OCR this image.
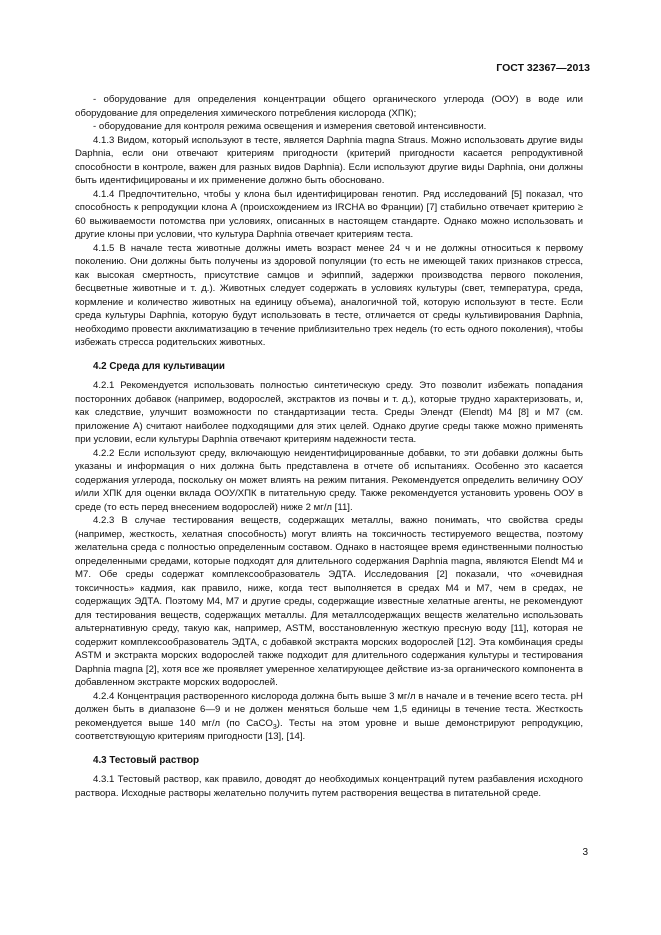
ГОСТ 32367—2013

- оборудование для определения концентрации общего органического углерода (ООУ) в воде или оборудование для определения химического потребления кислорода (ХПК);

- оборудование для контроля режима освещения и измерения световой интенсивности.

4.1.3 Видом, который используют в тесте, является Daphnia magna Straus. Можно использовать другие виды Daphnia, если они отвечают критериям пригодности (критерий пригодности касается репродуктивной способности в контроле, важен для разных видов Daphnia). Если используют другие виды Daphnia, они должны быть идентифицированы и их применение должно быть обосновано.

4.1.4 Предпочтительно, чтобы у клона был идентифицирован генотип. Ряд исследований [5] показал, что способность к репродукции клона А (происхождением из IRCHA во Франции) [7] стабильно отвечает критерию ≥ 60 выживаемости потомства при условиях, описанных в настоящем стандарте. Однако можно использовать и другие клоны при условии, что культура Daphnia отвечает критериям теста.

4.1.5 В начале теста животные должны иметь возраст менее 24 ч и не должны относиться к первому поколению. Они должны быть получены из здоровой популяции (то есть не имеющей таких признаков стресса, как высокая смертность, присутствие самцов и эфиппий, задержки производства первого поколения, бесцветные животные и т. д.). Животных следует содержать в условиях культуры (свет, температура, среда, кормление и количество животных на единицу объема), аналогичной той, которую используют в тесте. Если среда культуры Daphnia, которую будут использовать в тесте, отличается от среды культивирования Daphnia, необходимо провести акклиматизацию в течение приблизительно трех недель (то есть одного поколения), чтобы избежать стресса родительских животных.

4.2 Среда для культивации

4.2.1 Рекомендуется использовать полностью синтетическую среду. Это позволит избежать попадания посторонних добавок (например, водорослей, экстрактов из почвы и т. д.), которые трудно характеризовать, и, как следствие, улучшит возможности по стандартизации теста. Среды Элендт (Elendt) М4 [8] и М7 (см. приложение А) считают наиболее подходящими для этих целей. Однако другие среды также можно применять при условии, если культуры Daphnia отвечают критериям надежности теста.

4.2.2 Если используют среду, включающую неидентифицированные добавки, то эти добавки должны быть указаны и информация о них должна быть представлена в отчете об испытаниях. Особенно это касается содержания углерода, поскольку он может влиять на режим питания. Рекомендуется определить величину ООУ и/или ХПК для оценки вклада ООУ/ХПК в питательную среду. Также рекомендуется установить уровень ООУ в среде (то есть перед внесением водорослей) ниже 2 мг/л [11].

4.2.3 В случае тестирования веществ, содержащих металлы, важно понимать, что свойства среды (например, жесткость, хелатная способность) могут влиять на токсичность тестируемого вещества, поэтому желательна среда с полностью определенным составом. Однако в настоящее время единственными полностью определенными средами, которые подходят для длительного содержания Daphnia magna, являются Elendt M4 и M7. Обе среды содержат комплексообразователь ЭДТА. Исследования [2] показали, что «очевидная токсичность» кадмия, как правило, ниже, когда тест выполняется в средах М4 и М7, чем в средах, не содержащих ЭДТА. Поэтому М4, М7 и другие среды, содержащие известные хелатные агенты, не рекомендуют для тестирования веществ, содержащих металлы. Для металлсодержащих веществ желательно использовать альтернативную среду, такую как, например, ASTM, восстановленную жесткую пресную воду [11], которая не содержит комплексообразователь ЭДТА, с добавкой экстракта морских водорослей [12]. Эта комбинация среды ASTM и экстракта морских водорослей также подходит для длительного содержания культуры и тестирования Daphnia magna [2], хотя все же проявляет умеренное хелатирующее действие из-за органического компонента в добавленном экстракте морских водорослей.

4.2.4 Концентрация растворенного кислорода должна быть выше 3 мг/л в начале и в течение всего теста. pH должен быть в диапазоне 6—9 и не должен меняться больше чем 1,5 единицы в течение теста. Жесткость рекомендуется выше 140 мг/л (по CaCO$_3$). Тесты на этом уровне и выше демонстрируют репродукцию, соответствующую критериям пригодности [13], [14].

4.3 Тестовый раствор

4.3.1 Тестовый раствор, как правило, доводят до необходимых концентраций путем разбавления исходного раствора. Исходные растворы желательно получить путем растворения вещества в питательной среде.

3
